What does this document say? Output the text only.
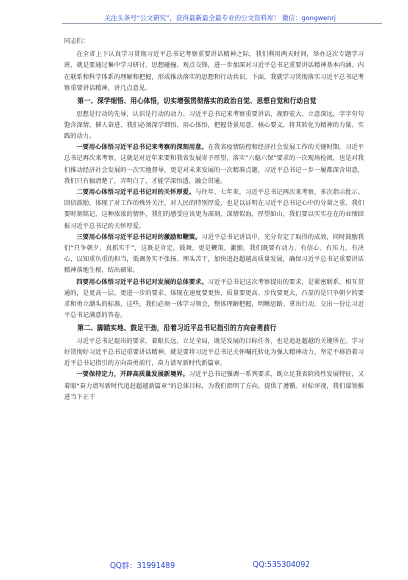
关注头条号“公文研究”，获得最新最全最专业的公文资料库！ 微信：gongwenrj

同志们：

在全省上下认真学习贯彻习近平总书记考察重要讲话精神之际，我们利用两天时间，举办这次专题学习班，就是要通过集中学习研讨、思想碰撞、观点交锋，进一步加深对习近平总书记重要讲话精神基本内涵、内在联系和科学体系的理解和把握，形成推动落实的思想和行动共识。下面，我就学习贯彻落实习近平总书记考察重要讲话精神，讲几点意见。

第一、深学细悟、用心体悟，切实增强贯彻落实的政治自觉、思想自觉和行动自觉

思想是行动的先导，认识是行动的动力。习近平总书记来考察重要讲话，视野宏大、立意深远，字字句句饱含深情、催人奋进，我们必须深学细悟、用心体悟，把握背景用意、核心要义，将其转化为精神的力量、实践的动力。

一要用心体悟习近平总书记来考察的深刻用意。在我省疫情防控和经济社会发展工作的关键时期，习近平总书记再次来考察，这就是对近年来要和我省发展寄予厚望，落实“六稳六保”要求的一次现场检阅，也是对我们推动经济社会发展的一次实地督导，更是对未来发展的一次精准点题，习近平总书记一步一履都深含用意，我们只有搞清楚了，弄明白了，才能学深悟透、融会贯通。

二要用心体悟习近平总书记对的关怀厚爱。与往年、七年来，习近平总书记两次来考察，多次指示批示、回信鼓励，体现了对工作的殊外关注，对人民的特别厚爱，也是以证明在习近平总书记心中的分量之重，我们要时刻铭记、这种浓浓的情怀，我们的感受应该更为深刻，深情似海，厚望如山，我们要以实实在在的业绩回报习近平总书记的关怀厚爱。

三要用心体悟习近平总书记对的激励和鞭策。习近平总书记讲话中，充分肯定了取得的成效，同时鼓励我们“只争朝夕、真抓实干”，这既是肯定，鼓舞，更是鞭策、激励，我们既要有动力、有信心、有压力，有决心，以知重负重的担当，低调务实不张扬、埋头苦干，加快追赶超越高质量发展，确保习近平总书记重要讲话精神落地生根、结出硕果。

四要用心体悟习近平总书记对发展的总体要求。习近平总书记这次考察提出的要求，是紧密联系、相互贯通的，是更高一层、更进一步的要求，体现在速度要更快、质量要更高、步伐要更大，凸显的是只争朝夕的要求和勇立潮头的标准，这些，我们必须一体学习领会，整体理解把握，明晰思路、拿出行动，交出一份让习近平总书记满意的答卷。

第二、脚踏实地、鼓足干劲，沿着习近平总书记指引的方向奋勇前行

习近平总书记提出的要求，着眼长远、立足全局，既是发展的目标任务，也是追赶超越的关键所在。学习好贯彻好习近平总书记重要讲话精神，就是要将习近平总书记关怀嘱托转化为强大精神动力，坚定不移沿着习近平总书记指引的方向奋勇前行，奋力谱写新时代新篇章。

一要保持定力，开辟高质量发展新境界。习近平总书记强调一系列要求，既立足我省阶段性发展特征，又着眼“奋力谱写新时代追赶超越新篇章”的总体目标，为我们指明了方向、提供了遵循。对标审视，我们谋划推进当下正干

QQ群：31991489	QQ:535304092
